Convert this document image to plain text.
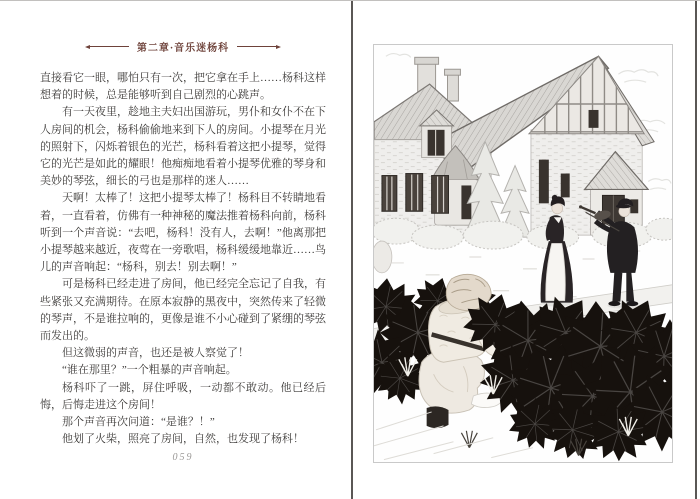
第二章·音乐迷杨科

直接看它一眼，哪怕只有一次，把它拿在手上……杨科这样想着的时候，总是能够听到自己剧烈的心跳声。

有一天夜里，趁地主夫妇出国游玩，男仆和女仆不在下人房间的机会，杨科偷偷地来到下人的房间。小提琴在月光的照射下，闪烁着银色的光芒，杨科看着这把小提琴，觉得它的光芒是如此的耀眼！他痴痴地看着小提琴优雅的琴身和美妙的琴弦，细长的弓也是那样的迷人……

天啊！太棒了！这把小提琴太棒了！杨科目不转睛地看着，一直看着，仿佛有一种神秘的魔法推着杨科向前，杨科听到一个声音说：“去吧，杨科！没有人，去啊！”他离那把小提琴越来越近，夜莺在一旁歌唱，杨科缓缓地靠近……鸟儿的声音响起：“杨科，别去！别去啊！”

可是杨科已经走进了房间，他已经完全忘记了自我，有些紧张又充满期待。在原本寂静的黑夜中，突然传来了轻微的琴声，不是谁拉响的，更像是谁不小心碰到了紧绷的琴弦而发出的。

但这微弱的声音，也还是被人察觉了！

“谁在那里？”一个粗暴的声音响起。

杨科吓了一跳，屏住呼吸，一动都不敢动。他已经后悔，后悔走进这个房间！

那个声音再次问道：“是谁？！”

他划了火柴，照亮了房间，自然，也发现了杨科！

059
